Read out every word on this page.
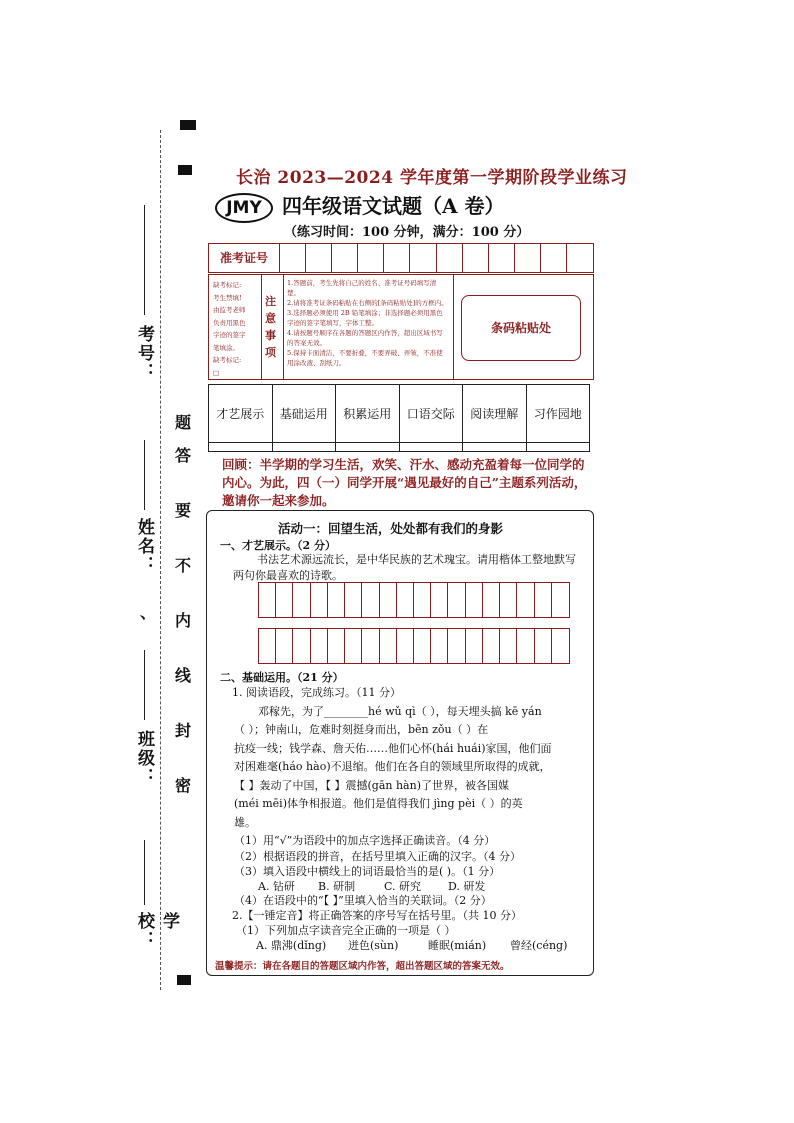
考号：
姓名：
、
班级：
学校：
题
答
要
不
内
线
封
密
长治 2023—2024 学年度第一学期阶段学业练习
JMY	四年级语文试题（A 卷）
（练习时间：100 分钟，满分：100 分）
准考证号
缺考标记:
考生禁填!
由监考老师
负责用黑色
字迹的签字
笔填涂。
缺考标记:
□
注 意 事 项
1.答题前，考生先将自己的姓名、准考证号码填写清楚。
2.请将准考证条码粘贴在右侧的[条码粘贴处]的方框内。
3.选择题必须使用 2B 铅笔填涂；非选择题必须用黑色字迹的签字笔填写，字体工整。
4.请按题号顺序在各题的答题区内作答，超出区域书写的答案无效。
5.保持卡面清洁，不要折叠，不要弄破、弄皱，不准使用涂改液、刮纸刀。
条码粘贴处
才艺展示	基础运用	积累运用	口语交际	阅读理解	习作园地

回顾：半学期的学习生活，欢笑、汗水、感动充盈着每一位同学的内心。为此，四（一）同学开展“遇见最好的自己”主题系列活动，邀请你一起来参加。
活动一：回望生活，处处都有我们的身影
一、才艺展示。（2 分）
书法艺术源远流长，是中华民族的艺术瑰宝。请用楷体工整地默写两句你最喜欢的诗歌。
二、基础运用。（21 分）
1. 阅读语段，完成练习。（11 分）
邓稼先，为了________hé wǔ qì（ ），每天埋头搞 kē yán
（ ）；钟南山，危难时刻挺身而出，bēn zǒu（ ）在
抗疫一线；钱学森、詹天佑……他们心怀(hái huái)家国，他们面
对困难毫(háo hào)不退缩。他们在各自的领域里所取得的成就，
【 】轰动了中国，【 】震撼(gān hàn)了世界，被各国媒
(méi mēi)体争相报道。他们是值得我们 jìng pèi（ ）的英
雄。
（1）用“√”为语段中的加点字选择正确读音。（4 分）
（2）根据语段的拼音，在括号里填入正确的汉字。（4 分）
（3）填入语段中横线上的词语最恰当的是( )。（1 分）
A. 钻研 B. 研制	C. 研究 D. 研发
（4）在语段中的“【 】”里填入恰当的关联词。（2 分）
2.【一锤定音】将正确答案的序号写在括号里。（共 10 分）
（1）下列加点字读音完全正确的一项是（ ）
A. 鼎沸(dǐng) 迸色(sùn)	睡眠(mián) 曾经(céng)
温馨提示：请在各题目的答题区域内作答，超出答题区域的答案无效。
